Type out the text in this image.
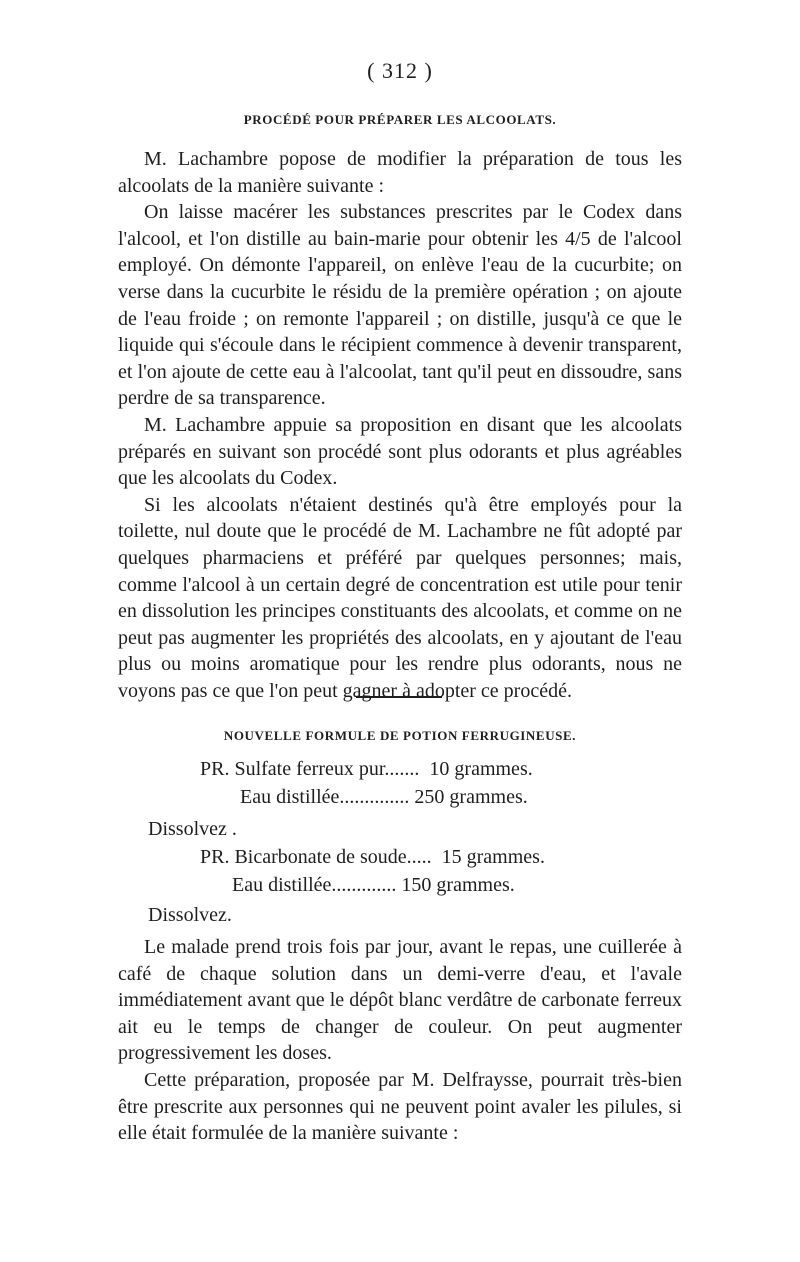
( 312 )
PROCÉDÉ POUR PRÉPARER LES ALCOOLATS.

M. Lachambre popose de modifier la préparation de tous les alcoolats de la manière suivante :

On laisse macérer les substances prescrites par le Codex dans l'alcool, et l'on distille au bain-marie pour obtenir les 4/5 de l'alcool employé. On démonte l'appareil, on enlève l'eau de la cucurbite; on verse dans la cucurbite le résidu de la première opération ; on ajoute de l'eau froide ; on remonte l'appareil ; on distille, jusqu'à ce que le liquide qui s'écoule dans le récipient commence à devenir transparent, et l'on ajoute de cette eau à l'alcoolat, tant qu'il peut en dissoudre, sans perdre de sa transparence.

M. Lachambre appuie sa proposition en disant que les alcoolats préparés en suivant son procédé sont plus odorants et plus agréables que les alcoolats du Codex.

Si les alcoolats n'étaient destinés qu'à être employés pour la toilette, nul doute que le procédé de M. Lachambre ne fût adopté par quelques pharmaciens et préféré par quelques personnes; mais, comme l'alcool à un certain degré de concentration est utile pour tenir en dissolution les principes constituants des alcoolats, et comme on ne peut pas augmenter les propriétés des alcoolats, en y ajoutant de l'eau plus ou moins aromatique pour les rendre plus odorants, nous ne voyons pas ce que l'on peut gagner à adopter ce procédé.

NOUVELLE FORMULE DE POTION FERRUGINEUSE.
PR. Sulfate ferreux pur.......  10 grammes.
Eau distillée.............. 250 grammes.
Dissolvez .
PR. Bicarbonate de soude.....  15 grammes.
Eau distillée............. 150 grammes.
Dissolvez.

Le malade prend trois fois par jour, avant le repas, une cuillerée à café de chaque solution dans un demi-verre d'eau, et l'avale immédiatement avant que le dépôt blanc verdâtre de carbonate ferreux ait eu le temps de changer de couleur. On peut augmenter progressivement les doses.

Cette préparation, proposée par M. Delfraysse, pourrait très-bien être prescrite aux personnes qui ne peuvent point avaler les pilules, si elle était formulée de la manière suivante :
